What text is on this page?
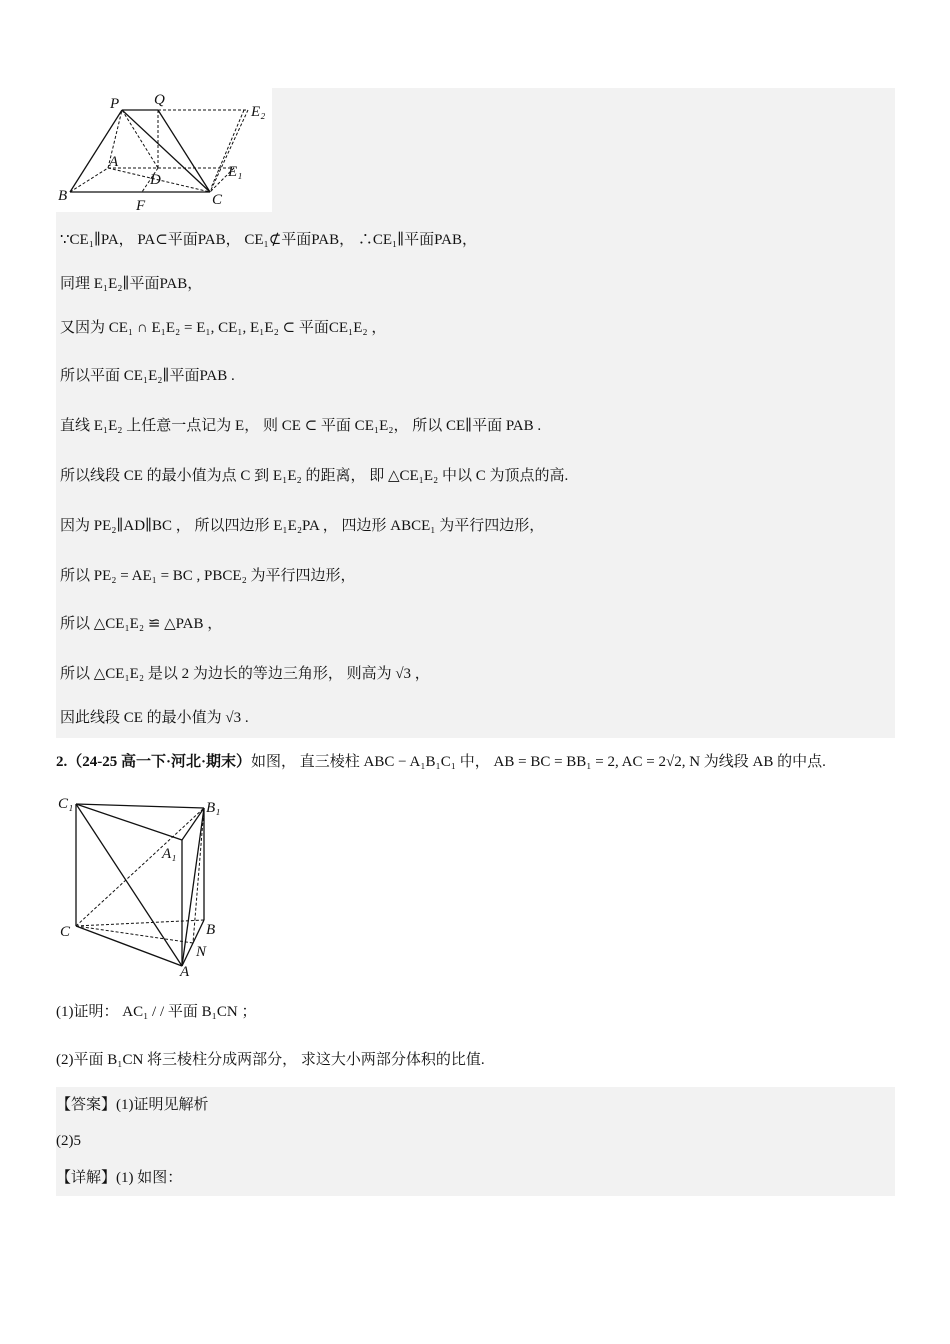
P Q
E₂
A
D	E₁
B
F	C
∵CE₁∥PA， PA⊂平面PAB， CE₁⊄平面PAB， ∴CE₁∥平面PAB，
同理 E₁E₂∥平面PAB，
又因为 CE₁ ∩ E₁E₂ = E₁, CE₁, E₁E₂ ⊂ 平面CE₁E₂ ，
所以平面 CE₁E₂∥平面PAB .
直线 E₁E₂ 上任意一点记为 E， 则 CE ⊂ 平面 CE₁E₂， 所以 CE∥平面 PAB .
所以线段 CE 的最小值为点 C 到 E₁E₂ 的距离， 即 △CE₁E₂ 中以 C 为顶点的高.
因为 PE₂∥AD∥BC ， 所以四边形 E₁E₂PA ， 四边形 ABCE₁ 为平行四边形，
所以 PE₂ = AE₁ = BC , PBCE₂ 为平行四边形，
所以 △CE₁E₂ ≌ △PAB ，
所以 △CE₁E₂ 是以 2 为边长的等边三角形， 则高为 √3 ，
因此线段 CE 的最小值为 √3 .
2.（24-25 高一下·河北·期末）如图， 直三棱柱 ABC − A₁B₁C₁ 中， AB = BC = BB₁ = 2, AC = 2√2, N 为线段 AB 的中点.
C₁	B₁
A₁
C	B
N
A
(1)证明： AC₁ / / 平面 B₁CN ；
(2)平面 B₁CN 将三棱柱分成两部分， 求这大小两部分体积的比值.
【答案】(1)证明见解析
(2)5
【详解】(1) 如图：
